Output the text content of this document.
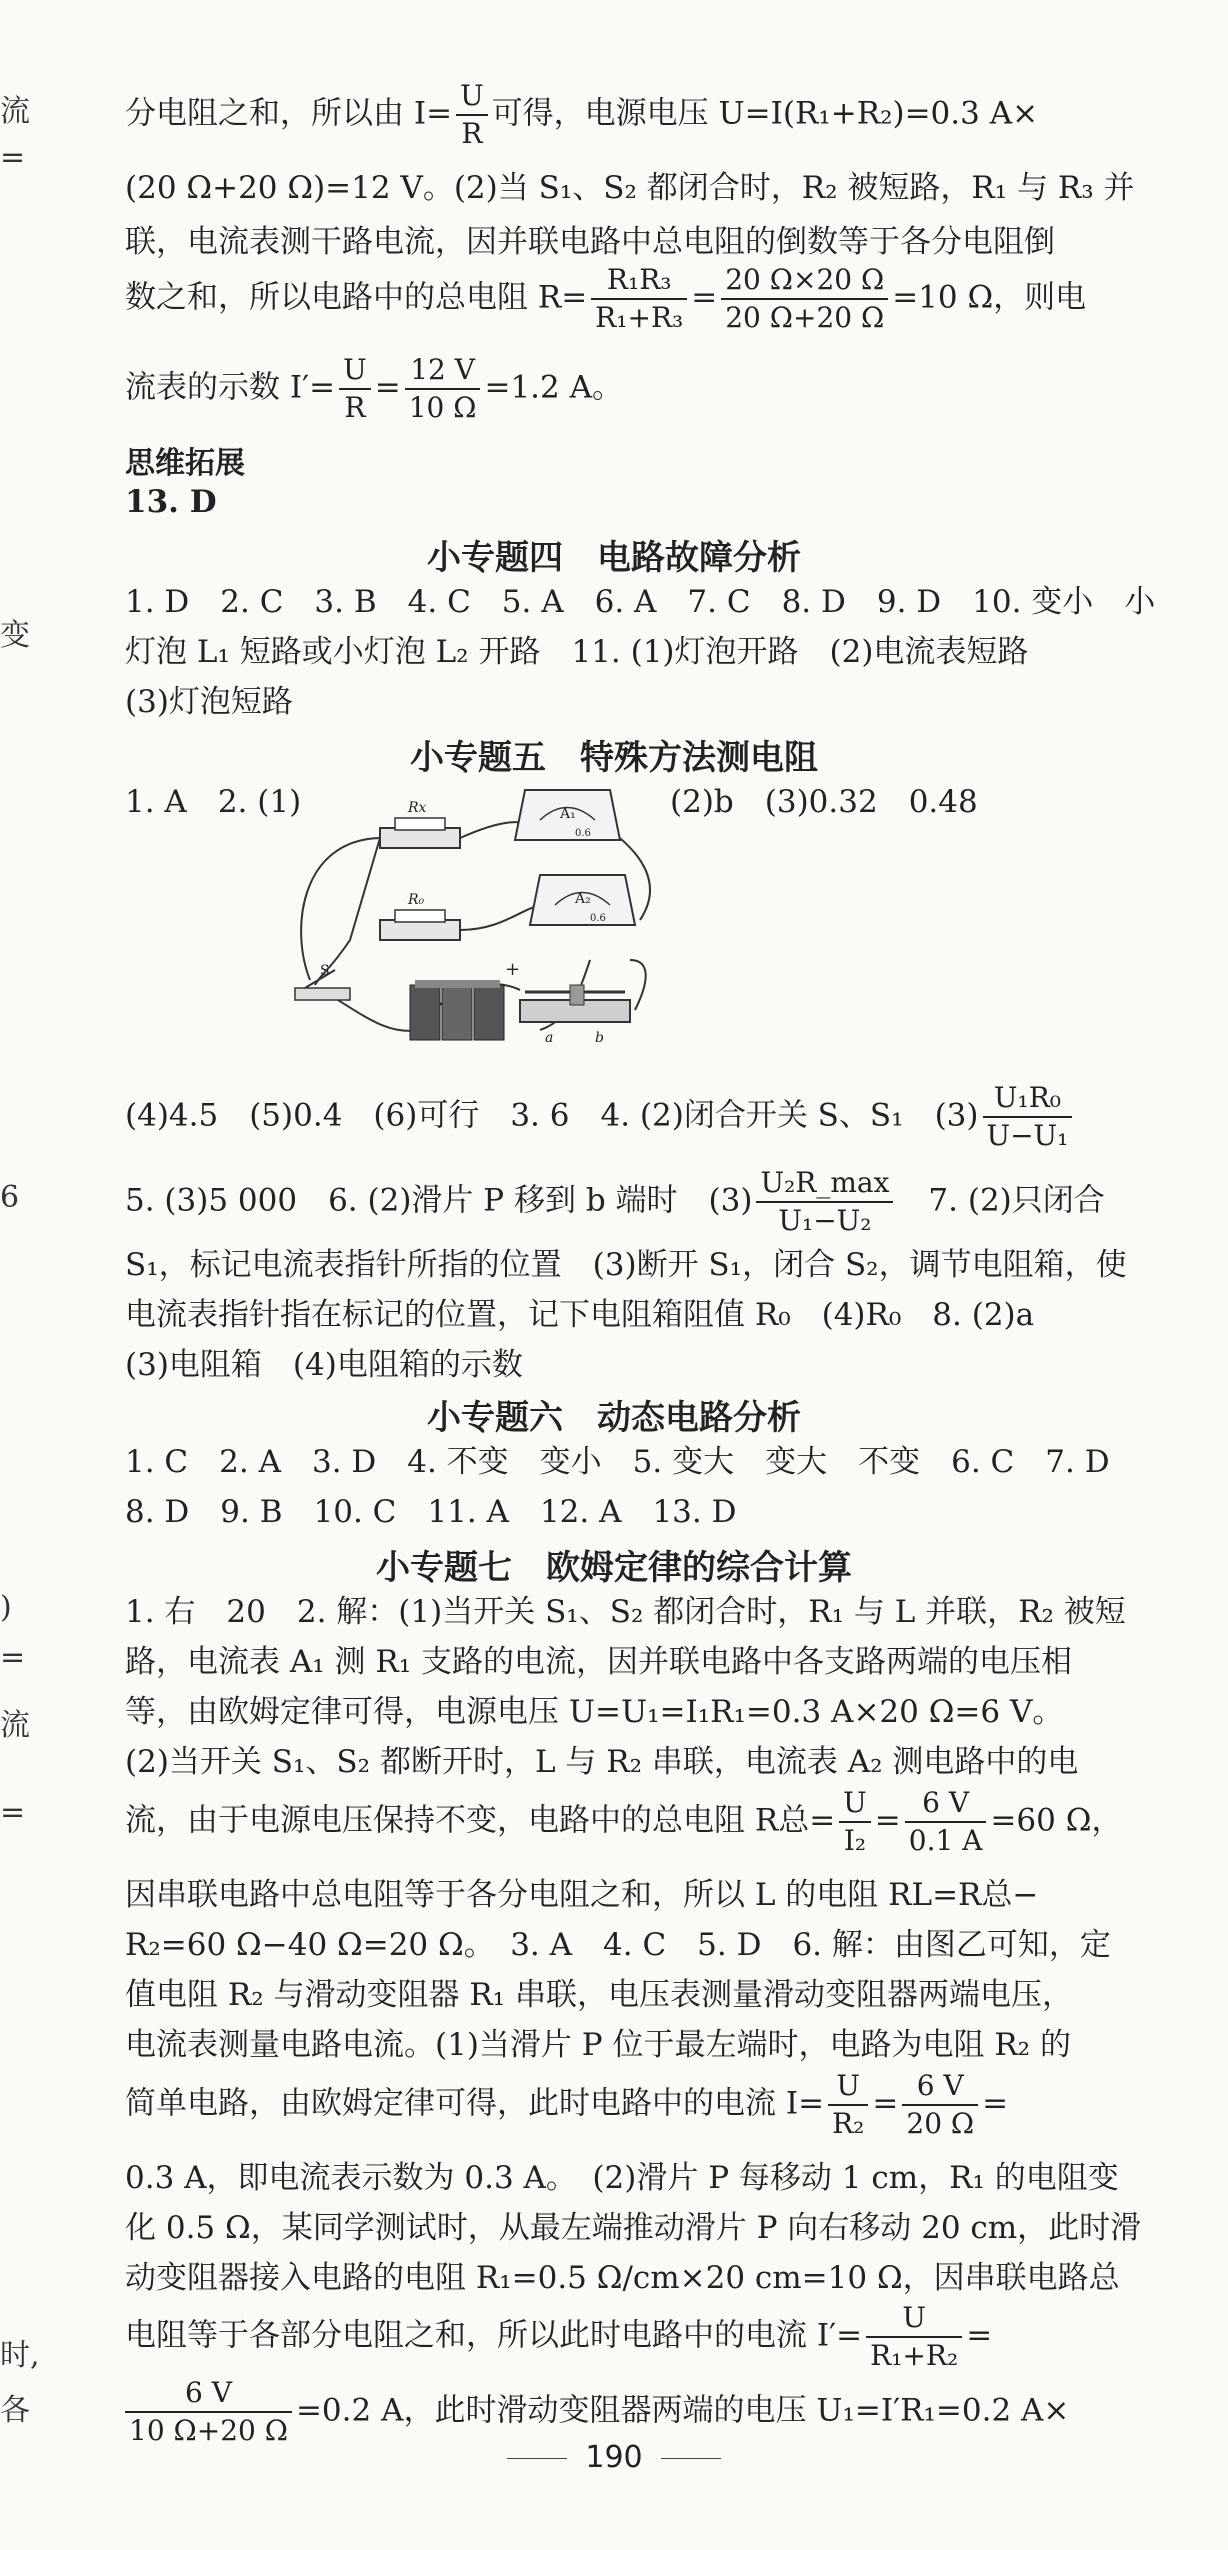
流
=
变
6
)
=
流
=
时,
各
分电阻之和，所以由 $I= \frac{U}{R}$ 可得，电源电压 U=I(R₁+R₂)=0.3 A×
(20 Ω+20 Ω)=12 V。(2)当 S₁、S₂ 都闭合时，R₂ 被短路，R₁ 与 R₃ 并
联，电流表测干路电流，因并联电路中总电阻的倒数等于各分电阻倒
数之和，所以电路中的总电阻 $R= \frac{\text{R₁R₃}}{\text{R₁+R₃}} = \frac{20 \Omega\times 20 \Omega}{20 \Omega+20 \Omega} =10$ Ω，则电
流表的示数 $I'= \frac{U}{R} = \frac{12 V}{10 \Omega} =1.2$ A。
思维拓展
13. D
小专题四　电路故障分析
1. D　2. C　3. B　4. C　5. A　6. A　7. C　8. D　9. D　10. 变小　小
灯泡 L₁ 短路或小灯泡 L₂ 开路　11. (1)灯泡开路　(2)电流表短路
(3)灯泡短路
小专题五　特殊方法测电阻
1. A　2. (1)	(2)b　(3)0.32　0.48
Rx
R₀
A₁
0.6
A₂
0.6
S	+
a	b
(4)4.5　(5)0.4　(6)可行　3. 6　4. (2)闭合开关 S、S₁　$(3) \frac{\text{U₁R₀}}{\text{U−U₁}}$
5. (3)5 000　6. (2)滑片 P 移到 b 端时　$(3) \frac{\text{U₂R\_max}}{\text{U₁−U₂}}$
　 7. (2)只闭合
S₁，标记电流表指针所指的位置　(3)断开 S₁，闭合 S₂，调节电阻箱，使
电流表指针指在标记的位置，记下电阻箱阻值 R₀　(4)R₀　8. (2)a
(3)电阻箱　(4)电阻箱的示数
小专题六　动态电路分析
1. C　2. A　3. D　4. 不变　变小　5. 变大　变大　不变　6. C　7. D
8. D　9. B　10. C　11. A　12. A　13. D
小专题七　欧姆定律的综合计算
1. 右　20　2. 解：(1)当开关 S₁、S₂ 都闭合时，R₁ 与 L 并联，R₂ 被短
路，电流表 A₁ 测 R₁ 支路的电流，因并联电路中各支路两端的电压相
等，由欧姆定律可得，电源电压 U=U₁=I₁R₁=0.3 A×20 Ω=6 V。
(2)当开关 S₁、S₂ 都断开时，L 与 R₂ 串联，电流表 A₂ 测电路中的电
流，由于电源电压保持不变，电路中的总电阻 R总= $\frac{U}{\text{I₂}} = \frac{6 V}{0.1 A} =60$ Ω，
因串联电路中总电阻等于各分电阻之和，所以 L 的电阻 RL=R总−
R₂=60 Ω−40 Ω=20 Ω。　3. A　4. C　5. D　6. 解：由图乙可知，定
值电阻 R₂ 与滑动变阻器 R₁ 串联，电压表测量滑动变阻器两端电压，
电流表测量电路电流。(1)当滑片 P 位于最左端时，电路为电阻 R₂ 的
简单电路，由欧姆定律可得，此时电路中的电流 $I= \frac{U}{\text{R₂}} = \frac{6 V}{20 \Omega}$ =
0.3 A，即电流表示数为 0.3 A。　(2)滑片 P 每移动 1 cm，R₁ 的电阻变
化 0.5 Ω，某同学测试时，从最左端推动滑片 P 向右移动 20 cm，此时滑
动变阻器接入电路的电阻 R₁=0.5 Ω/cm×20 cm=10 Ω，因串联电路总
电阻等于各部分电阻之和，所以此时电路中的电流 $I'= \frac{U}{\text{R₁+R₂}}$ =
$\frac{6 V}{10 \Omega+20 \Omega} =0.2$ A，此时滑动变阻器两端的电压 U₁=I′R₁=0.2 A×
190
